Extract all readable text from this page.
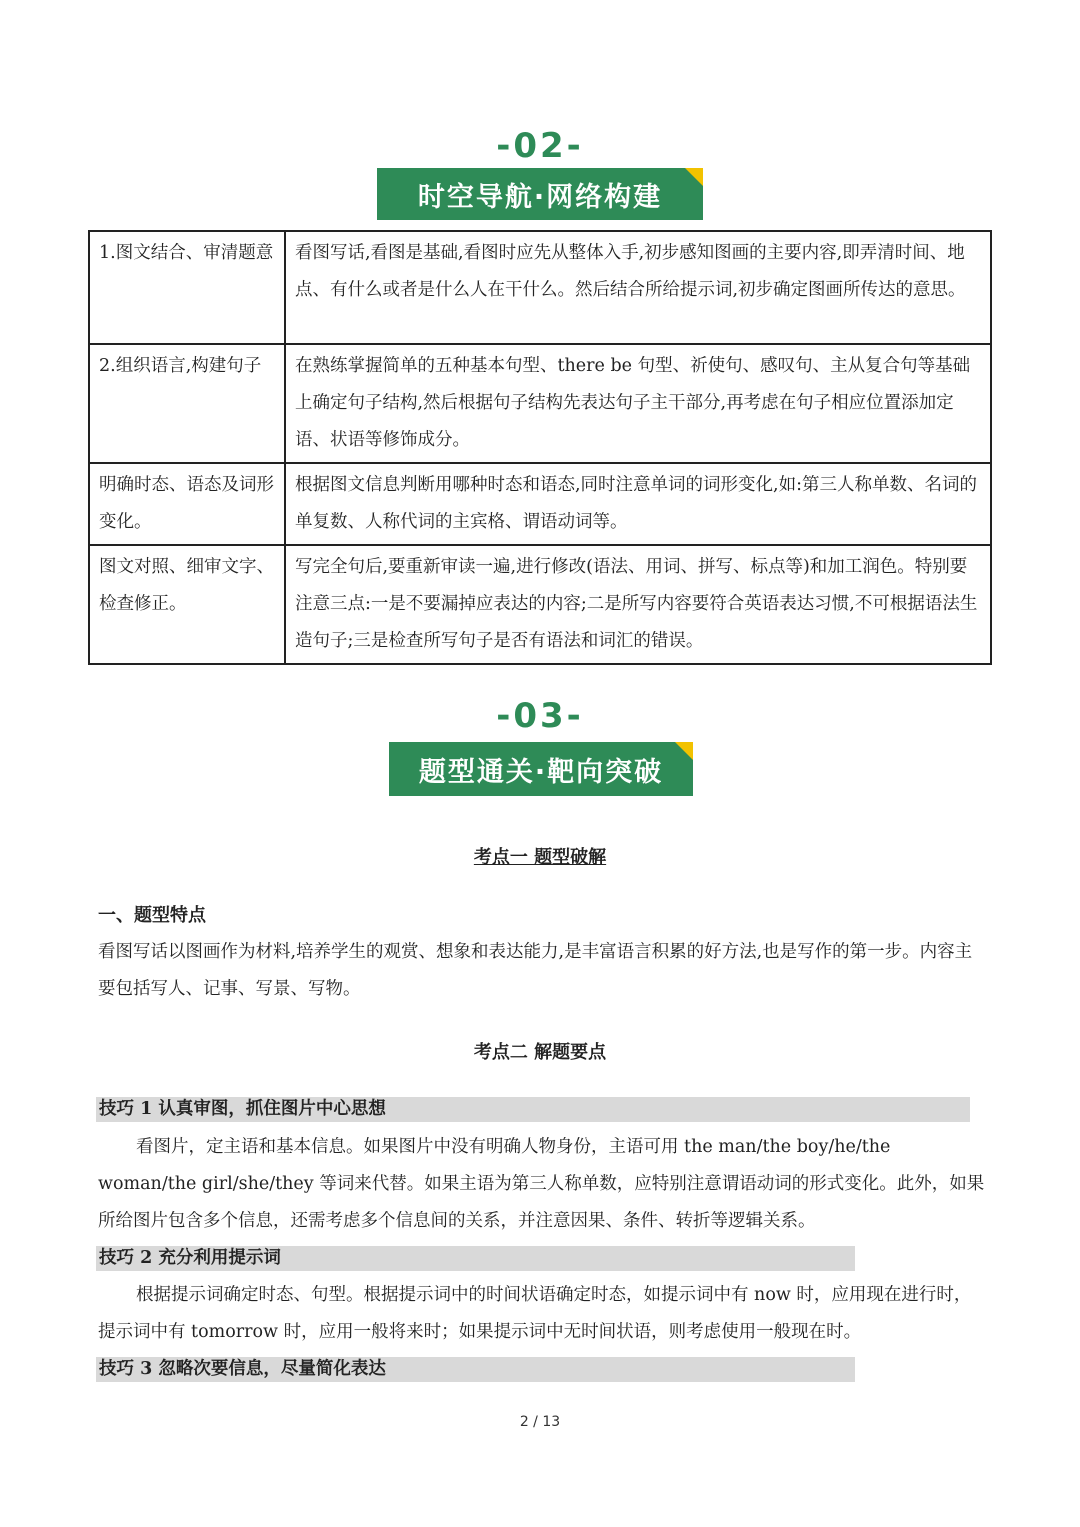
-02-
时空导航·网络构建
1.图文结合、审清题意	看图写话,看图是基础,看图时应先从整体入手,初步感知图画的主要内容,即弄清时间、地点、有什么或者是什么人在干什么。然后结合所给提示词,初步确定图画所传达的意思。
2.组织语言,构建句子	在熟练掌握简单的五种基本句型、there be 句型、祈使句、感叹句、主从复合句等基础上确定句子结构,然后根据句子结构先表达句子主干部分,再考虑在句子相应位置添加定语、状语等修饰成分。
明确时态、语态及词形变化。	根据图文信息判断用哪种时态和语态,同时注意单词的词形变化,如:第三人称单数、名词的单复数、人称代词的主宾格、谓语动词等。
图文对照、细审文字、检查修正。	写完全句后,要重新审读一遍,进行修改(语法、用词、拼写、标点等)和加工润色。特别要注意三点:一是不要漏掉应表达的内容;二是所写内容要符合英语表达习惯,不可根据语法生造句子;三是检查所写句子是否有语法和词汇的错误。
-03-
题型通关·靶向突破
考点一 题型破解
一、题型特点
看图写话以图画作为材料,培养学生的观赏、想象和表达能力,是丰富语言积累的好方法,也是写作的第一步。内容主要包括写人、记事、写景、写物。
考点二 解题要点
技巧 1 认真审图，抓住图片中心思想
看图片，定主语和基本信息。如果图片中没有明确人物身份，主语可用 the man/the boy/he/the woman/the girl/she/they 等词来代替。如果主语为第三人称单数，应特别注意谓语动词的形式变化。此外，如果所给图片包含多个信息，还需考虑多个信息间的关系，并注意因果、条件、转折等逻辑关系。
技巧 2 充分利用提示词
根据提示词确定时态、句型。根据提示词中的时间状语确定时态，如提示词中有 now 时，应用现在进行时，提示词中有 tomorrow 时，应用一般将来时；如果提示词中无时间状语，则考虑使用一般现在时。
技巧 3 忽略次要信息，尽量简化表达
2 / 13
